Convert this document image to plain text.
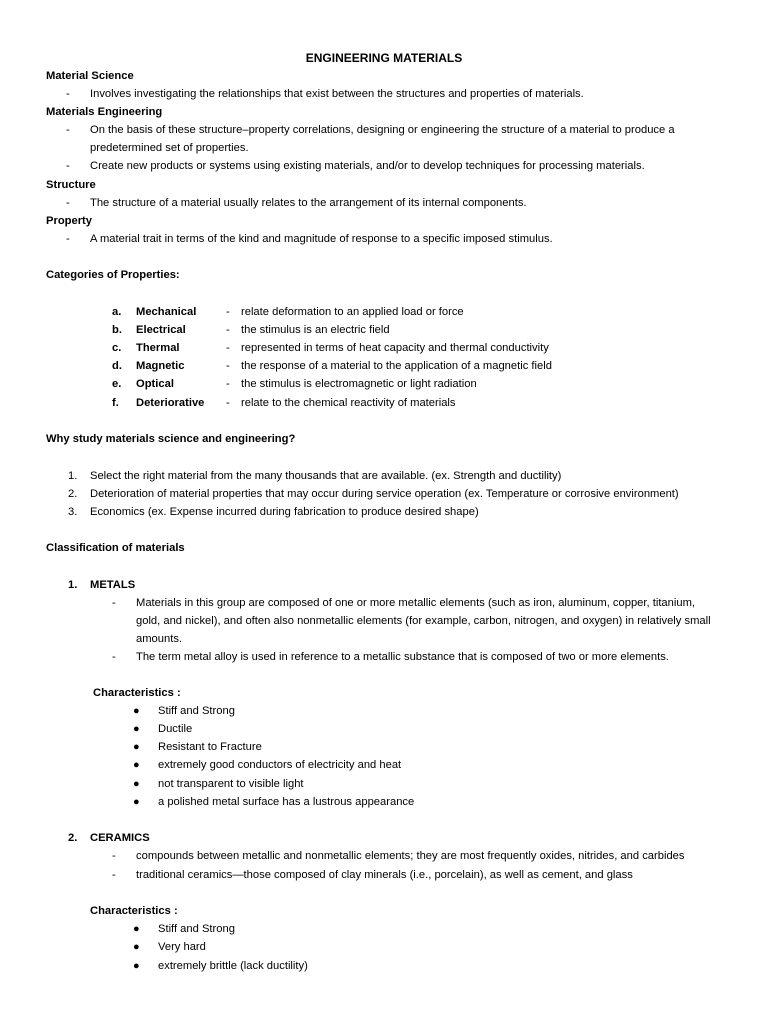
ENGINEERING MATERIALS
Material Science
- Involves investigating the relationships that exist between the structures and properties of materials.
Materials Engineering
- On the basis of these structure–property correlations, designing or engineering the structure of a material to produce a predetermined set of properties.
- Create new products or systems using existing materials, and/or to develop techniques for processing materials.
Structure
- The structure of a material usually relates to the arrangement of its internal components.
Property
- A material trait in terms of the kind and magnitude of response to a specific imposed stimulus.
Categories of Properties:
a. Mechanical	- relate deformation to an applied load or force
b. Electrical	- the stimulus is an electric field
c. Thermal	- represented in terms of heat capacity and thermal conductivity
d. Magnetic	- the response of a material to the application of a magnetic field
e. Optical	- the stimulus is electromagnetic or light radiation
f. Deteriorative - relate to the chemical reactivity of materials
Why study materials science and engineering?
1. Select the right material from the many thousands that are available. (ex. Strength and ductility)
2. Deterioration of material properties that may occur during service operation (ex. Temperature or corrosive environment)
3. Economics (ex. Expense incurred during fabrication to produce desired shape)
Classification of materials
1. METALS
- Materials in this group are composed of one or more metallic elements (such as iron, aluminum, copper, titanium, gold, and nickel), and often also nonmetallic elements (for example, carbon, nitrogen, and oxygen) in relatively small amounts.
- The term metal alloy is used in reference to a metallic substance that is composed of two or more elements.
Characteristics :
● Stiff and Strong
● Ductile
● Resistant to Fracture
● extremely good conductors of electricity and heat
● not transparent to visible light
● a polished metal surface has a lustrous appearance
2. CERAMICS
- compounds between metallic and nonmetallic elements; they are most frequently oxides, nitrides, and carbides
- traditional ceramics—those composed of clay minerals (i.e., porcelain), as well as cement, and glass
Characteristics :
● Stiff and Strong
● Very hard
● extremely brittle (lack ductility)
